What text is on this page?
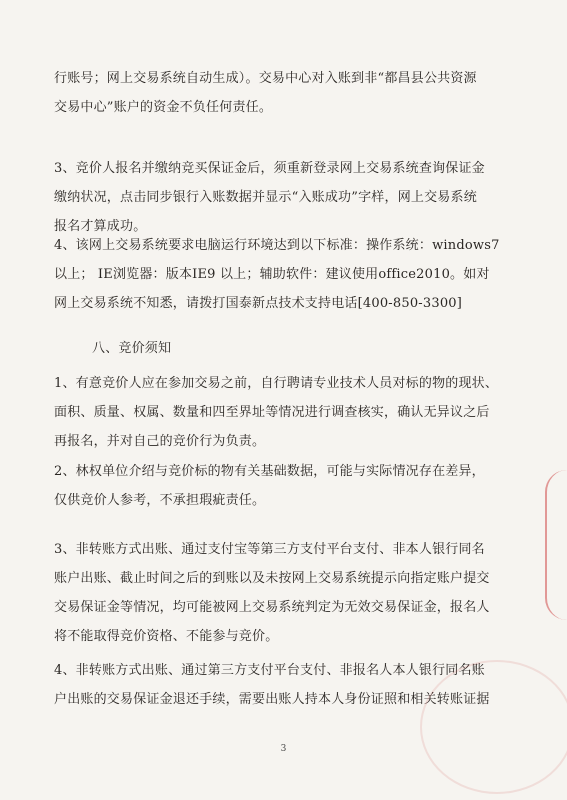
行账号；网上交易系统自动生成）。交易中心对入账到非“都昌县公共资源
交易中心”账户的资金不负任何责任。
3、竞价人报名并缴纳竞买保证金后，须重新登录网上交易系统查询保证金
缴纳状况，点击同步银行入账数据并显示“入账成功”字样，网上交易系统
报名才算成功。
4、该网上交易系统要求电脑运行环境达到以下标准：操作系统：windows7
以上； IE浏览器：版本IE9 以上；辅助软件：建议使用office2010。如对
网上交易系统不知悉，请拨打国泰新点技术支持电话[400-850-3300]
八、竞价须知
1、有意竞价人应在参加交易之前，自行聘请专业技术人员对标的物的现状、
面积、质量、权属、数量和四至界址等情况进行调查核实，确认无异议之后
再报名，并对自己的竞价行为负责。
2、林权单位介绍与竞价标的物有关基础数据，可能与实际情况存在差异，
仅供竞价人参考，不承担瑕疵责任。
3、非转账方式出账、通过支付宝等第三方支付平台支付、非本人银行同名
账户出账、截止时间之后的到账以及未按网上交易系统提示向指定账户提交
交易保证金等情况，均可能被网上交易系统判定为无效交易保证金，报名人
将不能取得竞价资格、不能参与竞价。
4、非转账方式出账、通过第三方支付平台支付、非报名人本人银行同名账
户出账的交易保证金退还手续，需要出账人持本人身份证照和相关转账证据
3
